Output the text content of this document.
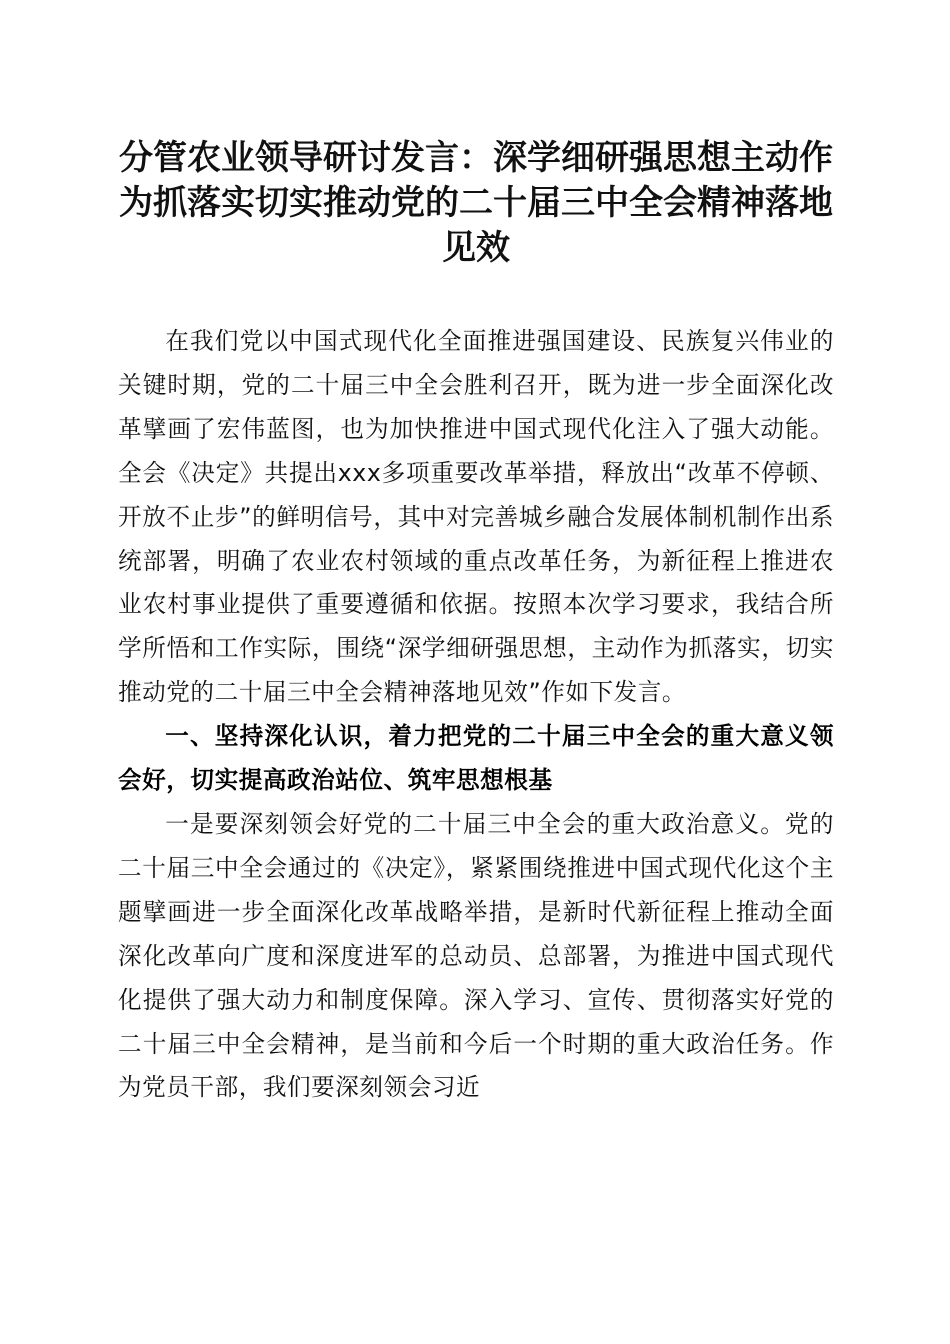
分管农业领导研讨发言：深学细研强思想主动作为抓落实切实推动党的二十届三中全会精神落地见效

在我们党以中国式现代化全面推进强国建设、民族复兴伟业的关键时期，党的二十届三中全会胜利召开，既为进一步全面深化改革擘画了宏伟蓝图，也为加快推进中国式现代化注入了强大动能。全会《决定》共提出xxx多项重要改革举措，释放出“改革不停顿、开放不止步”的鲜明信号，其中对完善城乡融合发展体制机制作出系统部署，明确了农业农村领域的重点改革任务，为新征程上推进农业农村事业提供了重要遵循和依据。按照本次学习要求，我结合所学所悟和工作实际，围绕“深学细研强思想，主动作为抓落实，切实推动党的二十届三中全会精神落地见效”作如下发言。

一、坚持深化认识，着力把党的二十届三中全会的重大意义领会好，切实提高政治站位、筑牢思想根基

一是要深刻领会好党的二十届三中全会的重大政治意义。党的二十届三中全会通过的《决定》，紧紧围绕推进中国式现代化这个主题擘画进一步全面深化改革战略举措，是新时代新征程上推动全面深化改革向广度和深度进军的总动员、总部署，为推进中国式现代化提供了强大动力和制度保障。深入学习、宣传、贯彻落实好党的二十届三中全会精神，是当前和今后一个时期的重大政治任务。作为党员干部，我们要深刻领会习近
